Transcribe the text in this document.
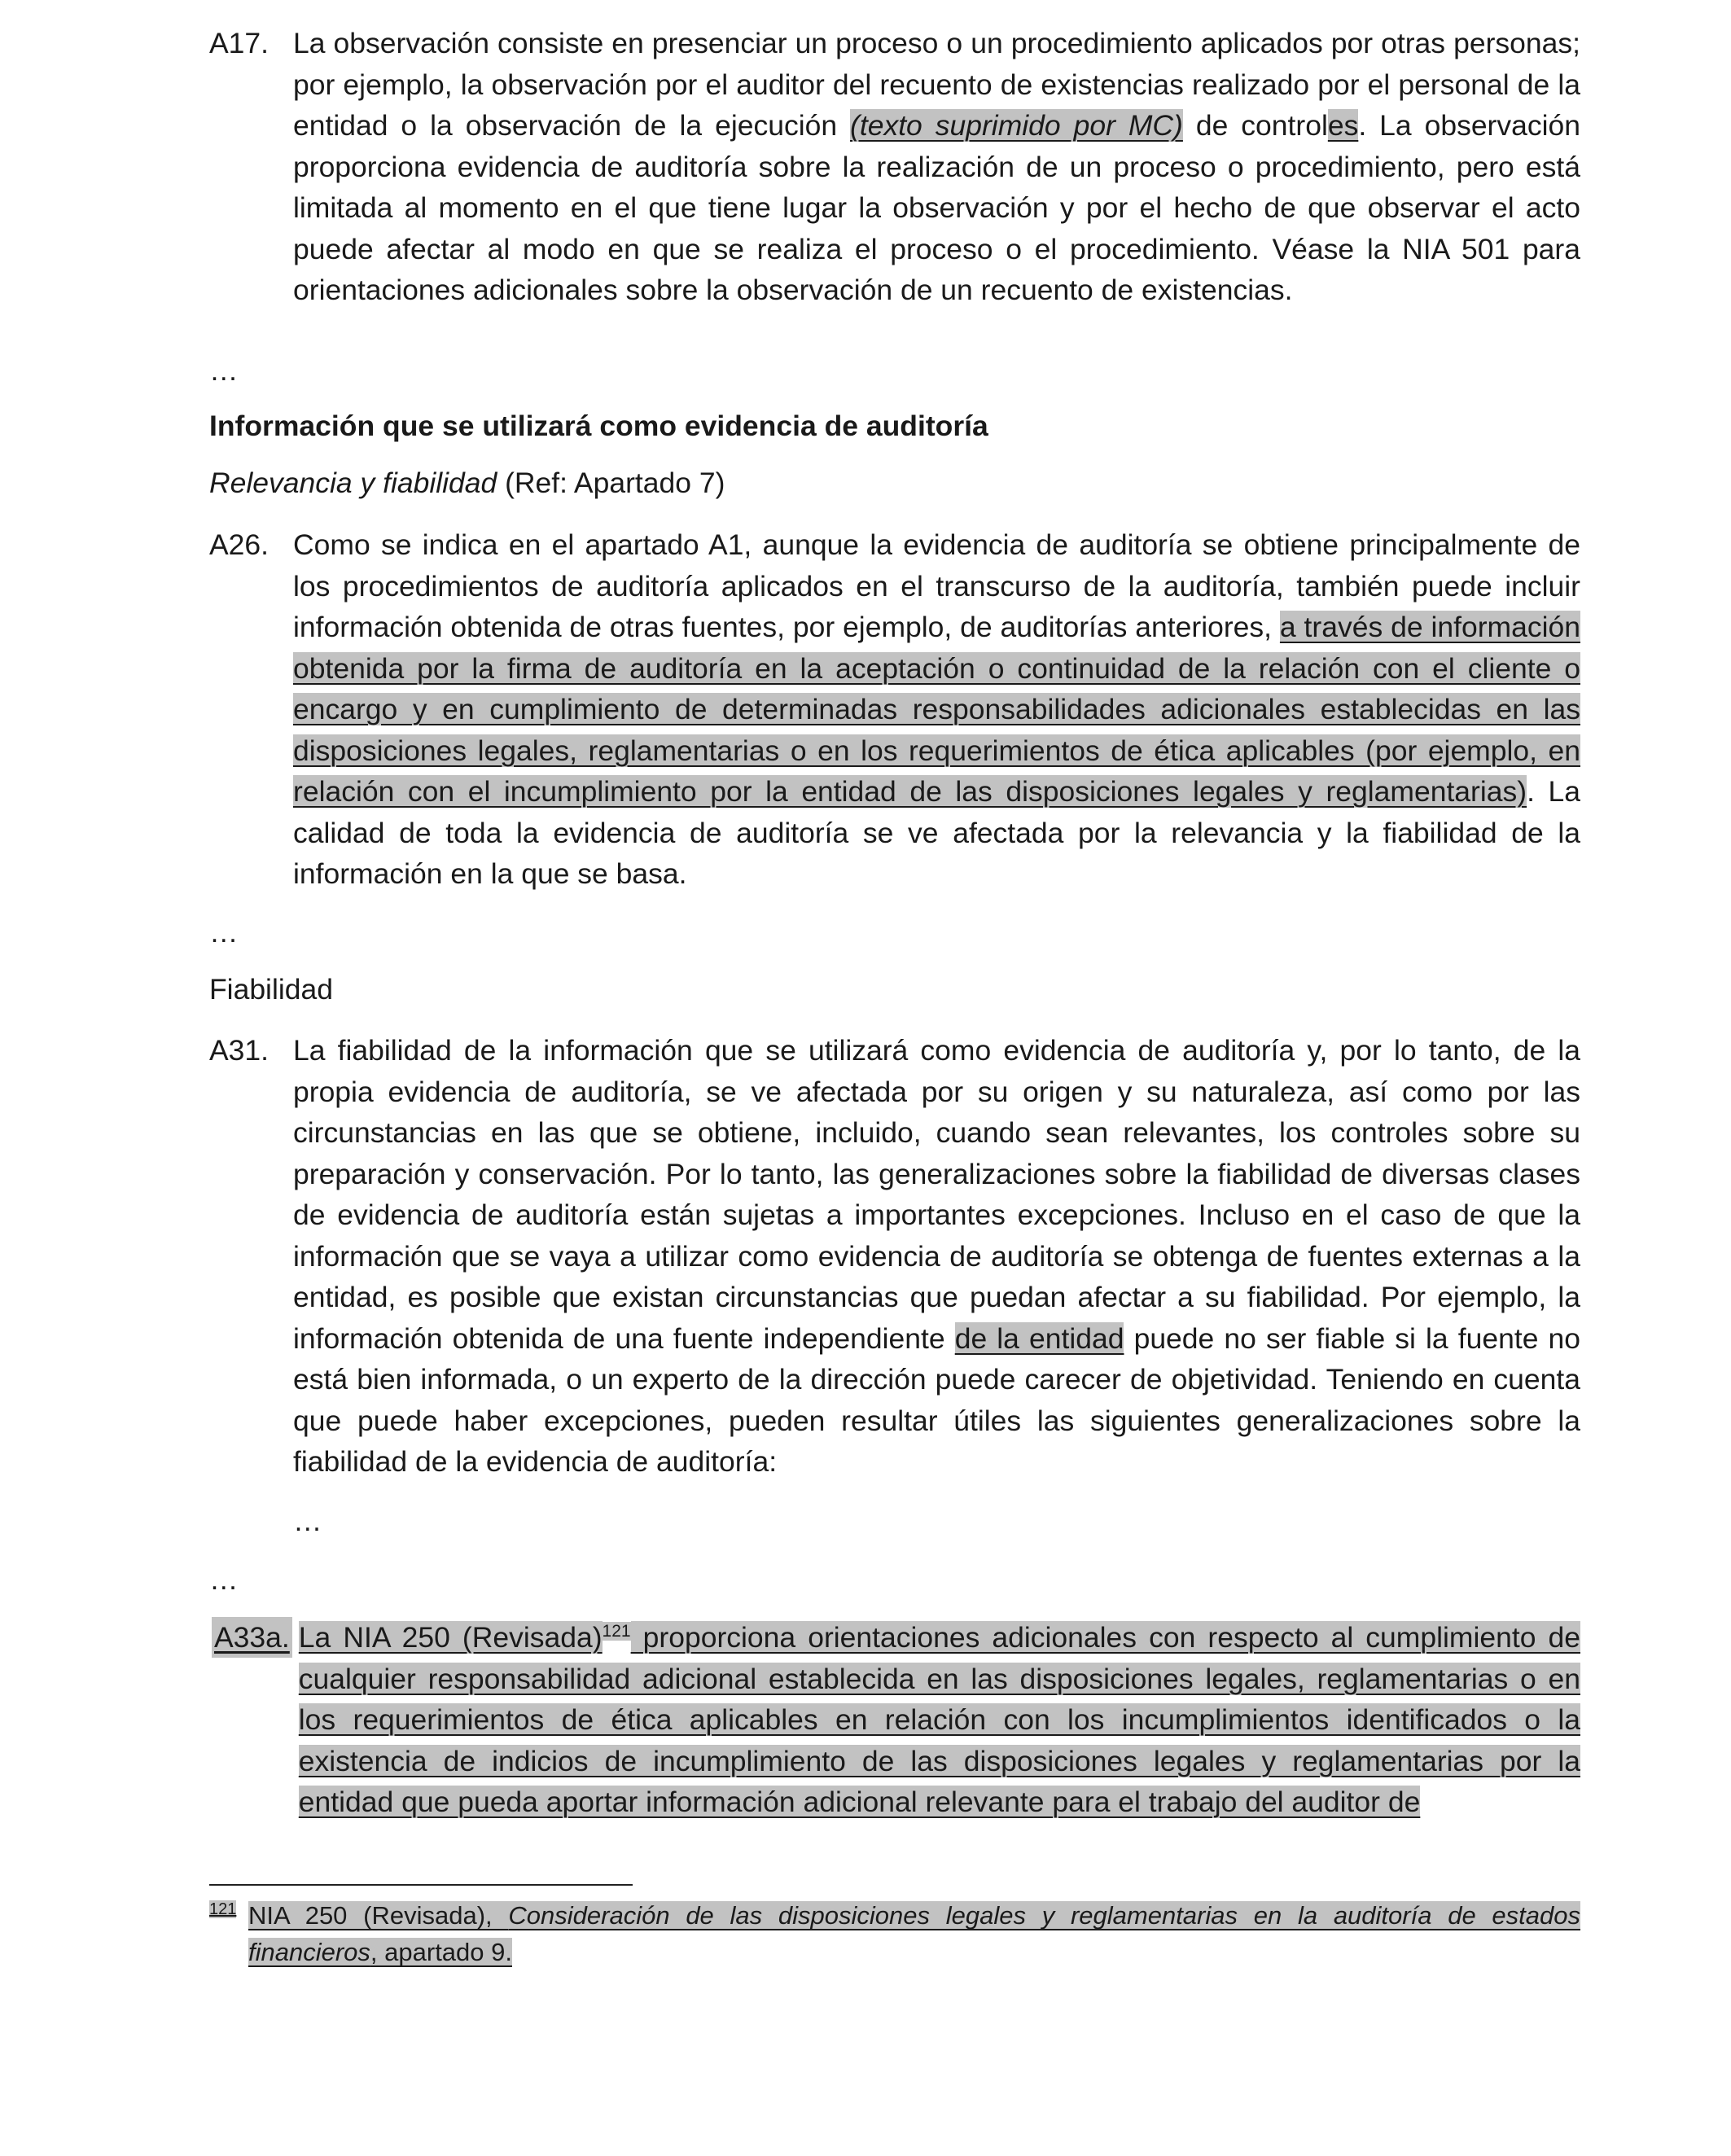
A17. La observación consiste en presenciar un proceso o un procedimiento aplicados por otras personas; por ejemplo, la observación por el auditor del recuento de existencias realizado por el personal de la entidad o la observación de la ejecución (texto suprimido por MC) de controles. La observación proporciona evidencia de auditoría sobre la realización de un proceso o procedimiento, pero está limitada al momento en el que tiene lugar la observación y por el hecho de que observar el acto puede afectar al modo en que se realiza el proceso o el procedimiento. Véase la NIA 501 para orientaciones adicionales sobre la observación de un recuento de existencias.
…
Información que se utilizará como evidencia de auditoría
Relevancia y fiabilidad (Ref: Apartado 7)
A26. Como se indica en el apartado A1, aunque la evidencia de auditoría se obtiene principalmente de los procedimientos de auditoría aplicados en el transcurso de la auditoría, también puede incluir información obtenida de otras fuentes, por ejemplo, de auditorías anteriores, a través de información obtenida por la firma de auditoría en la aceptación o continuidad de la relación con el cliente o encargo y en cumplimiento de determinadas responsabilidades adicionales establecidas en las disposiciones legales, reglamentarias o en los requerimientos de ética aplicables (por ejemplo, en relación con el incumplimiento por la entidad de las disposiciones legales y reglamentarias). La calidad de toda la evidencia de auditoría se ve afectada por la relevancia y la fiabilidad de la información en la que se basa.
…
Fiabilidad
A31. La fiabilidad de la información que se utilizará como evidencia de auditoría y, por lo tanto, de la propia evidencia de auditoría, se ve afectada por su origen y su naturaleza, así como por las circunstancias en las que se obtiene, incluido, cuando sean relevantes, los controles sobre su preparación y conservación. Por lo tanto, las generalizaciones sobre la fiabilidad de diversas clases de evidencia de auditoría están sujetas a importantes excepciones. Incluso en el caso de que la información que se vaya a utilizar como evidencia de auditoría se obtenga de fuentes externas a la entidad, es posible que existan circunstancias que puedan afectar a su fiabilidad. Por ejemplo, la información obtenida de una fuente independiente de la entidad puede no ser fiable si la fuente no está bien informada, o un experto de la dirección puede carecer de objetividad. Teniendo en cuenta que puede haber excepciones, pueden resultar útiles las siguientes generalizaciones sobre la fiabilidad de la evidencia de auditoría:
…
…
A33a. La NIA 250 (Revisada)$^{121}$ proporciona orientaciones adicionales con respecto al cumplimiento de cualquier responsabilidad adicional establecida en las disposiciones legales, reglamentarias o en los requerimientos de ética aplicables en relación con los incumplimientos identificados o la existencia de indicios de incumplimiento de las disposiciones legales y reglamentarias por la entidad que pueda aportar información adicional relevante para el trabajo del auditor de
121 NIA 250 (Revisada), Consideración de las disposiciones legales y reglamentarias en la auditoría de estados financieros, apartado 9.
